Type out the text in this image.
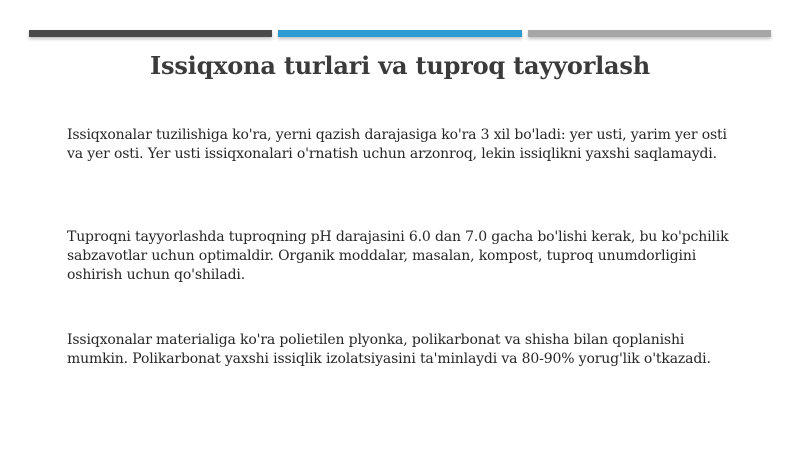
Issiqxona turlari va tuproq tayyorlash

Issiqxonalar tuzilishiga ko'ra, yerni qazish darajasiga ko'ra 3 xil bo'ladi: yer usti, yarim yer osti va yer osti. Yer usti issiqxonalari o'rnatish uchun arzonroq, lekin issiqlikni yaxshi saqlamaydi.

Tuproqni tayyorlashda tuproqning pH darajasini 6.0 dan 7.0 gacha bo'lishi kerak, bu ko'pchilik sabzavotlar uchun optimaldir. Organik moddalar, masalan, kompost, tuproq unumdorligini oshirish uchun qo'shiladi.

Issiqxonalar materialiga ko'ra polietilen plyonka, polikarbonat va shisha bilan qoplanishi mumkin. Polikarbonat yaxshi issiqlik izolatsiyasini ta'minlaydi va 80-90% yorug'lik o'tkazadi.
